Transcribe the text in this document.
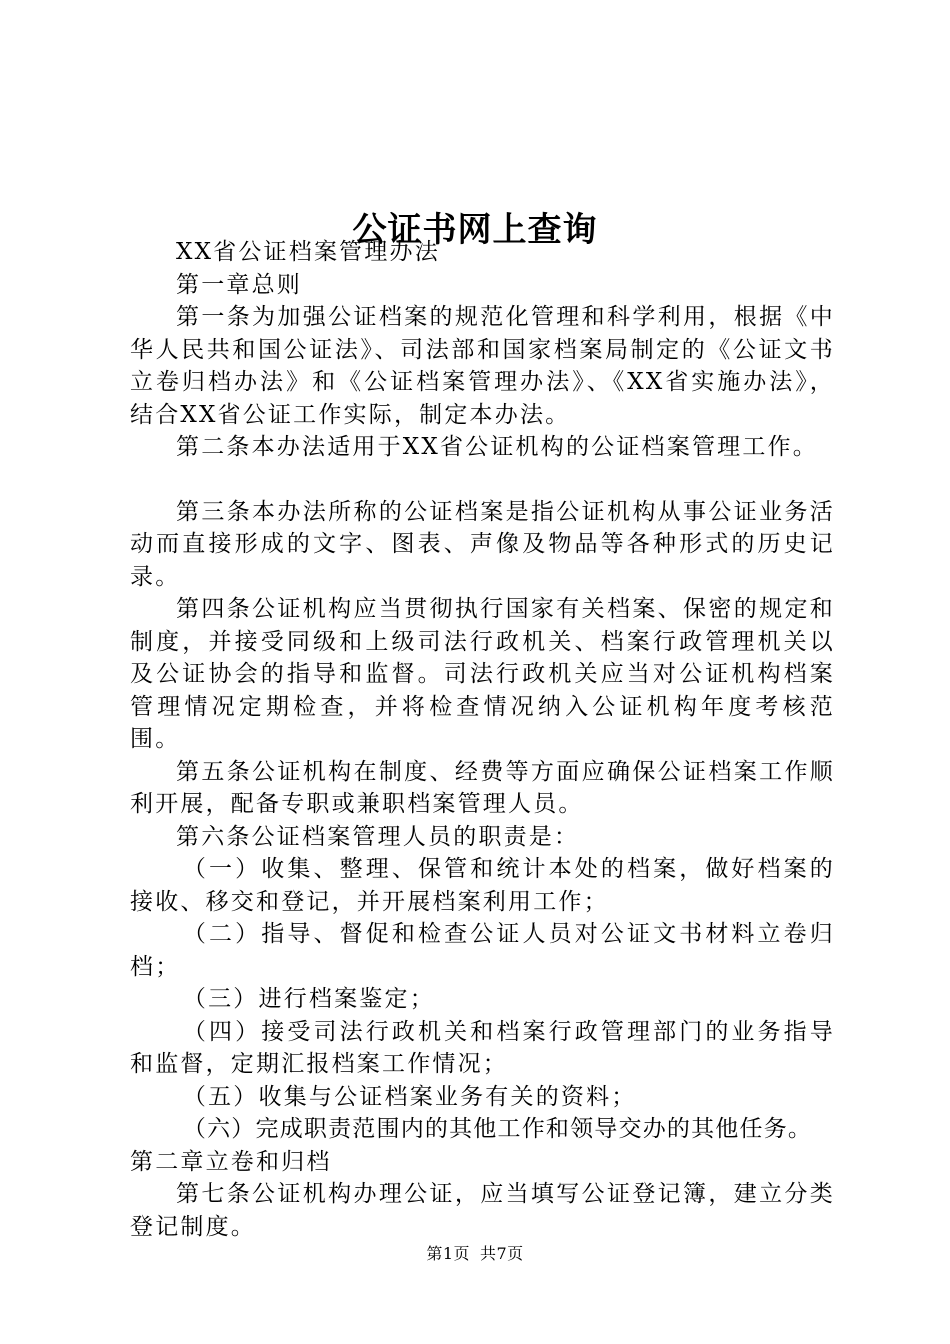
公证书网上查询

XX省公证档案管理办法

第一章总则

第一条为加强公证档案的规范化管理和科学利用，根据《中华人民共和国公证法》、司法部和国家档案局制定的《公证文书立卷归档办法》和《公证档案管理办法》、《XX省实施办法》，结合XX省公证工作实际，制定本办法。

第二条本办法适用于XX省公证机构的公证档案管理工作。

第三条本办法所称的公证档案是指公证机构从事公证业务活动而直接形成的文字、图表、声像及物品等各种形式的历史记录。

第四条公证机构应当贯彻执行国家有关档案、保密的规定和制度，并接受同级和上级司法行政机关、档案行政管理机关以及公证协会的指导和监督。司法行政机关应当对公证机构档案管理情况定期检查，并将检查情况纳入公证机构年度考核范围。

第五条公证机构在制度、经费等方面应确保公证档案工作顺利开展，配备专职或兼职档案管理人员。

第六条公证档案管理人员的职责是：

（一）收集、整理、保管和统计本处的档案，做好档案的接收、移交和登记，并开展档案利用工作；

（二）指导、督促和检查公证人员对公证文书材料立卷归档；

（三）进行档案鉴定；

（四）接受司法行政机关和档案行政管理部门的业务指导和监督，定期汇报档案工作情况；

（五）收集与公证档案业务有关的资料；

（六）完成职责范围内的其他工作和领导交办的其他任务。

第二章立卷和归档

第七条公证机构办理公证，应当填写公证登记簿，建立分类登记制度。

第1页 共7页
